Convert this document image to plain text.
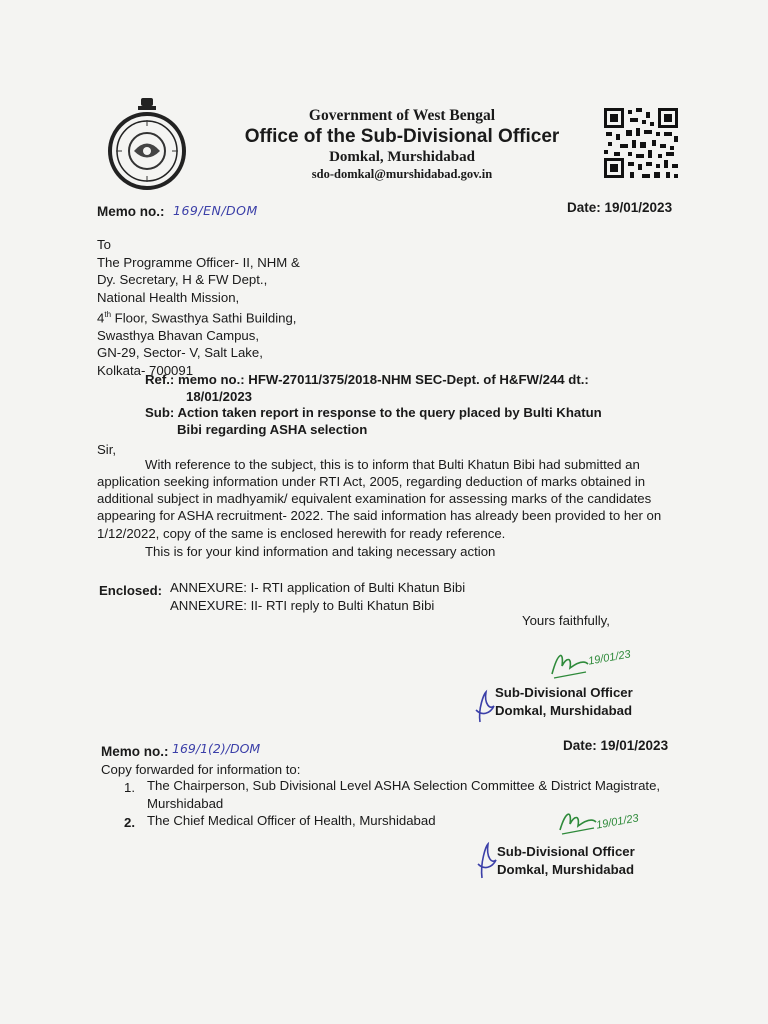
Government of West Bengal
Office of the Sub-Divisional Officer
Domkal, Murshidabad
sdo-domkal@murshidabad.gov.in
Memo no.: 169/EN/DOM	Date: 19/01/2023
To
The Programme Officer- II, NHM &
Dy. Secretary, H & FW Dept.,
National Health Mission,
4th Floor, Swasthya Sathi Building,
Swasthya Bhavan Campus,
GN-29, Sector- V, Salt Lake,
Kolkata- 700091
Ref.: memo no.: HFW-27011/375/2018-NHM SEC-Dept. of H&FW/244 dt.:
18/01/2023
Sub: Action taken report in response to the query placed by Bulti Khatun
Bibi regarding ASHA selection
Sir,
With reference to the subject, this is to inform that Bulti Khatun Bibi had submitted an
application seeking information under RTI Act, 2005, regarding deduction of marks obtained in
additional subject in madhyamik/ equivalent examination for assessing marks of the candidates
appearing for ASHA recruitment- 2022. The said information has already been provided to her on
1/12/2022, copy of the same is enclosed herewith for ready reference.
This is for your kind information and taking necessary action
Enclosed: ANNEXURE: I- RTI application of Bulti Khatun Bibi
ANNEXURE: II- RTI reply to Bulti Khatun Bibi
Yours faithfully,
19/01/23
Sub-Divisional Officer
Domkal, Murshidabad
Memo no.: 169/1(2)/DOM	Date: 19/01/2023
Copy forwarded for information to:
1. The Chairperson, Sub Divisional Level ASHA Selection Committee & District Magistrate,
Murshidabad
2. The Chief Medical Officer of Health, Murshidabad	19/01/23
Sub-Divisional Officer
Domkal, Murshidabad
